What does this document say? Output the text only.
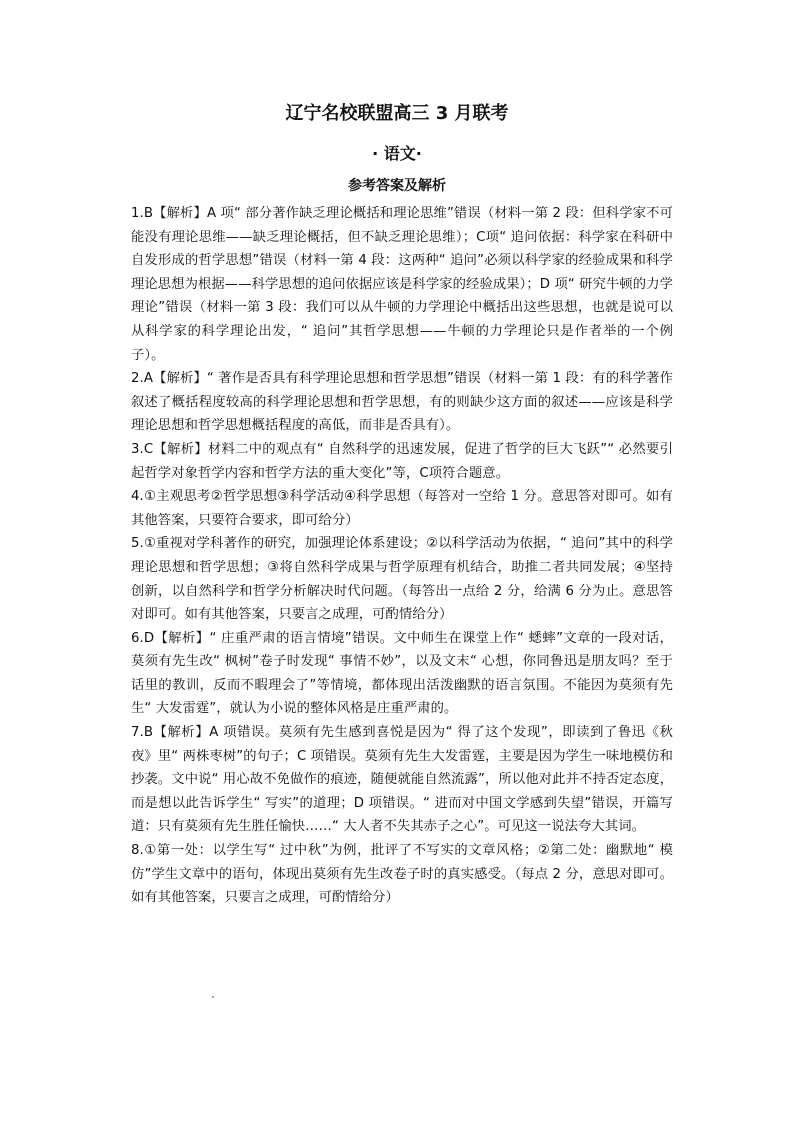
辽宁名校联盟高三 3 月联考
· 语文·
参考答案及解析

1.B【解析】A 项“ 部分著作缺乏理论概括和理论思维”错误（材料一第 2 段：但科学家不可能没有理论思维——缺乏理论概括，但不缺乏理论思维）；C项“ 追问依据：科学家在科研中自发形成的哲学思想”错误（材料一第 4 段：这两种“ 追问”必须以科学家的经验成果和科学理论思想为根据——科学思想的追问依据应该是科学家的经验成果）；D 项“ 研究牛顿的力学理论”错误（材料一第 3 段：我们可以从牛顿的力学理论中概括出这些思想，也就是说可以从科学家的科学理论出发，“ 追问”其哲学思想——牛顿的力学理论只是作者举的一个例子）。

2.A【解析】“ 著作是否具有科学理论思想和哲学思想”错误（材料一第 1 段：有的科学著作叙述了概括程度较高的科学理论思想和哲学思想，有的则缺少这方面的叙述——应该是科学理论思想和哲学思想概括程度的高低，而非是否具有）。

3.C【解析】材料二中的观点有“ 自然科学的迅速发展，促进了哲学的巨大飞跃”“ 必然要引起哲学对象哲学内容和哲学方法的重大变化”等，C项符合题意。

4.①主观思考②哲学思想③科学活动④科学思想（每答对一空给 1 分。意思答对即可。如有其他答案，只要符合要求，即可给分）

5.①重视对学科著作的研究，加强理论体系建设；②以科学活动为依据，“ 追问”其中的科学理论思想和哲学思想；③将自然科学成果与哲学原理有机结合，助推二者共同发展；④坚持创新，以自然科学和哲学分析解决时代问题。（每答出一点给 2 分，给满 6 分为止。意思答对即可。如有其他答案，只要言之成理，可酌情给分）

6.D【解析】“ 庄重严肃的语言情境”错误。文中师生在课堂上作“ 蟋蟀”文章的一段对话，莫须有先生改“ 枫树”卷子时发现“ 事情不妙”，以及文末“ 心想，你同鲁迅是朋友吗？至于话里的教训，反而不暇理会了”等情境，都体现出活泼幽默的语言氛围。不能因为莫须有先生“ 大发雷霆”，就认为小说的整体风格是庄重严肃的。

7.B【解析】A 项错误。莫须有先生感到喜悦是因为“ 得了这个发现”，即读到了鲁迅《秋夜》里“ 两株枣树”的句子；C 项错误。莫须有先生大发雷霆，主要是因为学生一味地模仿和抄袭。文中说“ 用心故不免做作的痕迹，随便就能自然流露”，所以他对此并不持否定态度，而是想以此告诉学生“ 写实”的道理；D 项错误。“ 进而对中国文学感到失望”错误，开篇写道：只有莫须有先生胜任愉快……“ 大人者不失其赤子之心”。可见这一说法夸大其词。

8.①第一处：以学生写“ 过中秋”为例，批评了不写实的文章风格；②第二处：幽默地“ 模仿”学生文章中的语句，体现出莫须有先生改卷子时的真实感受。（每点 2 分，意思对即可。如有其他答案，只要言之成理，可酌情给分）
